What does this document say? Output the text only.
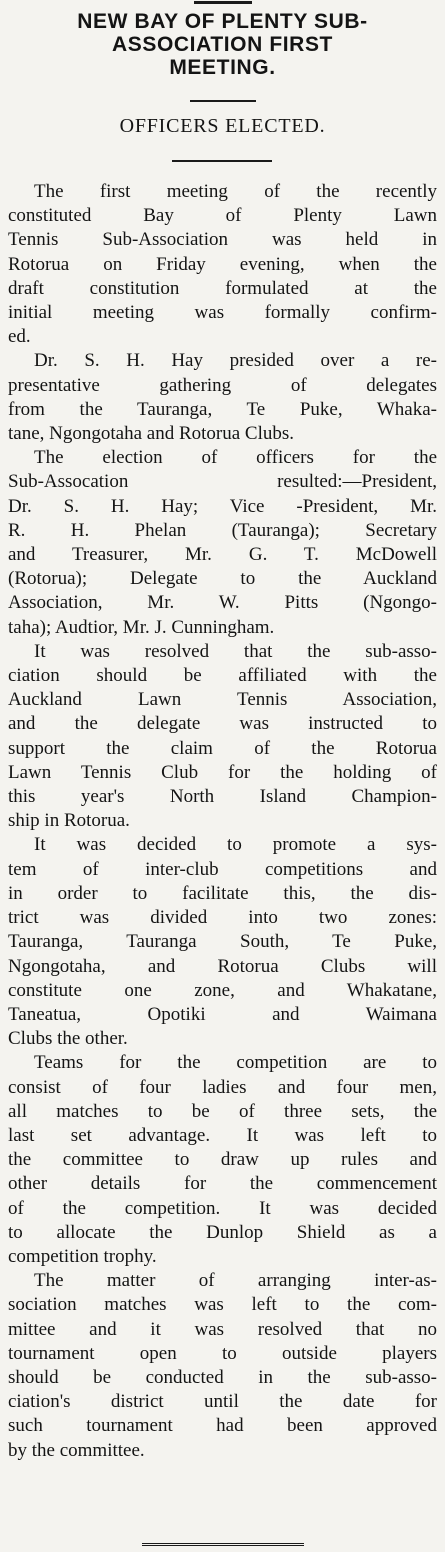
NEW BAY OF PLENTY SUB-
ASSOCIATION FIRST
MEETING.
OFFICERS ELECTED.

The first meeting of the recently
constituted Bay of Plenty Lawn
Tennis Sub-Association was held in
Rotorua on Friday evening, when the
draft constitution formulated at the
initial meeting was formally confirm-
ed.

Dr. S. H. Hay presided over a re-
presentative gathering of delegates
from the Tauranga, Te Puke, Whaka-
tane, Ngongotaha and Rotorua Clubs.

The election of officers for the
Sub-Assocation resulted:—President,
Dr. S. H. Hay; Vice -President, Mr.
R. H. Phelan (Tauranga); Secretary
and Treasurer, Mr. G. T. McDowell
(Rotorua); Delegate to the Auckland
Association, Mr. W. Pitts (Ngongo-
taha); Audtior, Mr. J. Cunningham.

It was resolved that the sub-asso-
ciation should be affiliated with the
Auckland Lawn Tennis Association,
and the delegate was instructed to
support the claim of the Rotorua
Lawn Tennis Club for the holding of
this year's North Island Champion-
ship in Rotorua.

It was decided to promote a sys-
tem of inter-club competitions and
in order to facilitate this, the dis-
trict was divided into two zones:
Tauranga, Tauranga South, Te Puke,
Ngongotaha, and Rotorua Clubs will
constitute one zone, and Whakatane,
Taneatua, Opotiki and Waimana
Clubs the other.

Teams for the competition are to
consist of four ladies and four men,
all matches to be of three sets, the
last set advantage. It was left to
the committee to draw up rules and
other details for the commencement
of the competition. It was decided
to allocate the Dunlop Shield as a
competition trophy.

The matter of arranging inter-as-
sociation matches was left to the com-
mittee and it was resolved that no
tournament open to outside players
should be conducted in the sub-asso-
ciation's district until the date for
such tournament had been approved
by the committee.
